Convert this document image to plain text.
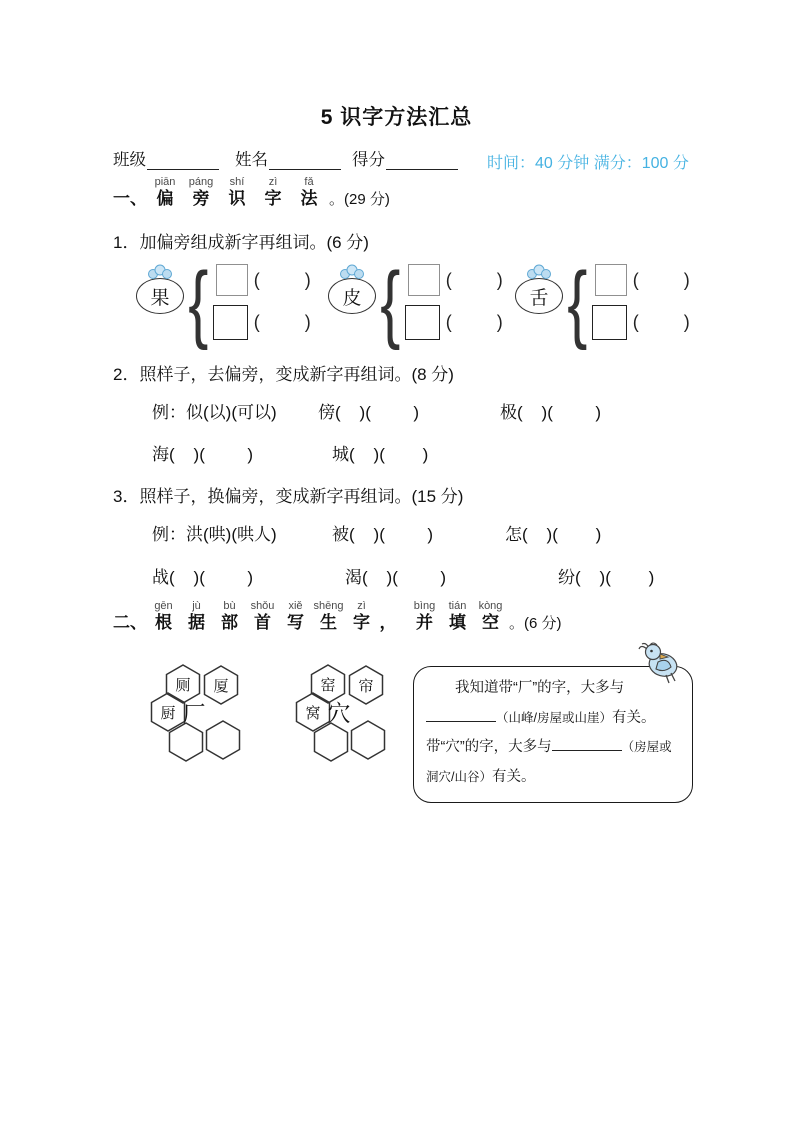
5 识字方法汇总
班级	姓名	得分	时间：40 分钟 满分：100 分
一、
piān
偏
páng
旁
shí
识
zì
字
fǎ
法 。(29 分)
1．加偏旁组成新字再组词。(6 分)
果 {	(         )
(         )
皮 {	(         )
(         )
舌 {	(         )
(         )
2．照样子，去偏旁，变成新字再组词。(8 分)
例：似(以)(可以) 傍(    )(         )	极(    )(         )
海(    )(         )	城(    )(        )
3．照样子，换偏旁，变成新字再组词。(15 分)
例：洪(哄)(哄人)	被(    )(         )	怎(    )(        )
战(    )(         )	渴(    )(         )	纷(    )(        )
二、
gēn
根
jù
据
bù
部
shǒu
首
xiě
写
shēng
生
zì
字 ，
bìng
并
tián
填
kòng
空 。(6 分)
厕 厦
厨 厂
窑 帘
窝 穴

我知道带“厂”的字，大多与（山峰/房屋或山崖）有关。带“穴”的字，大多与	（房屋或洞穴/山谷）有关。
